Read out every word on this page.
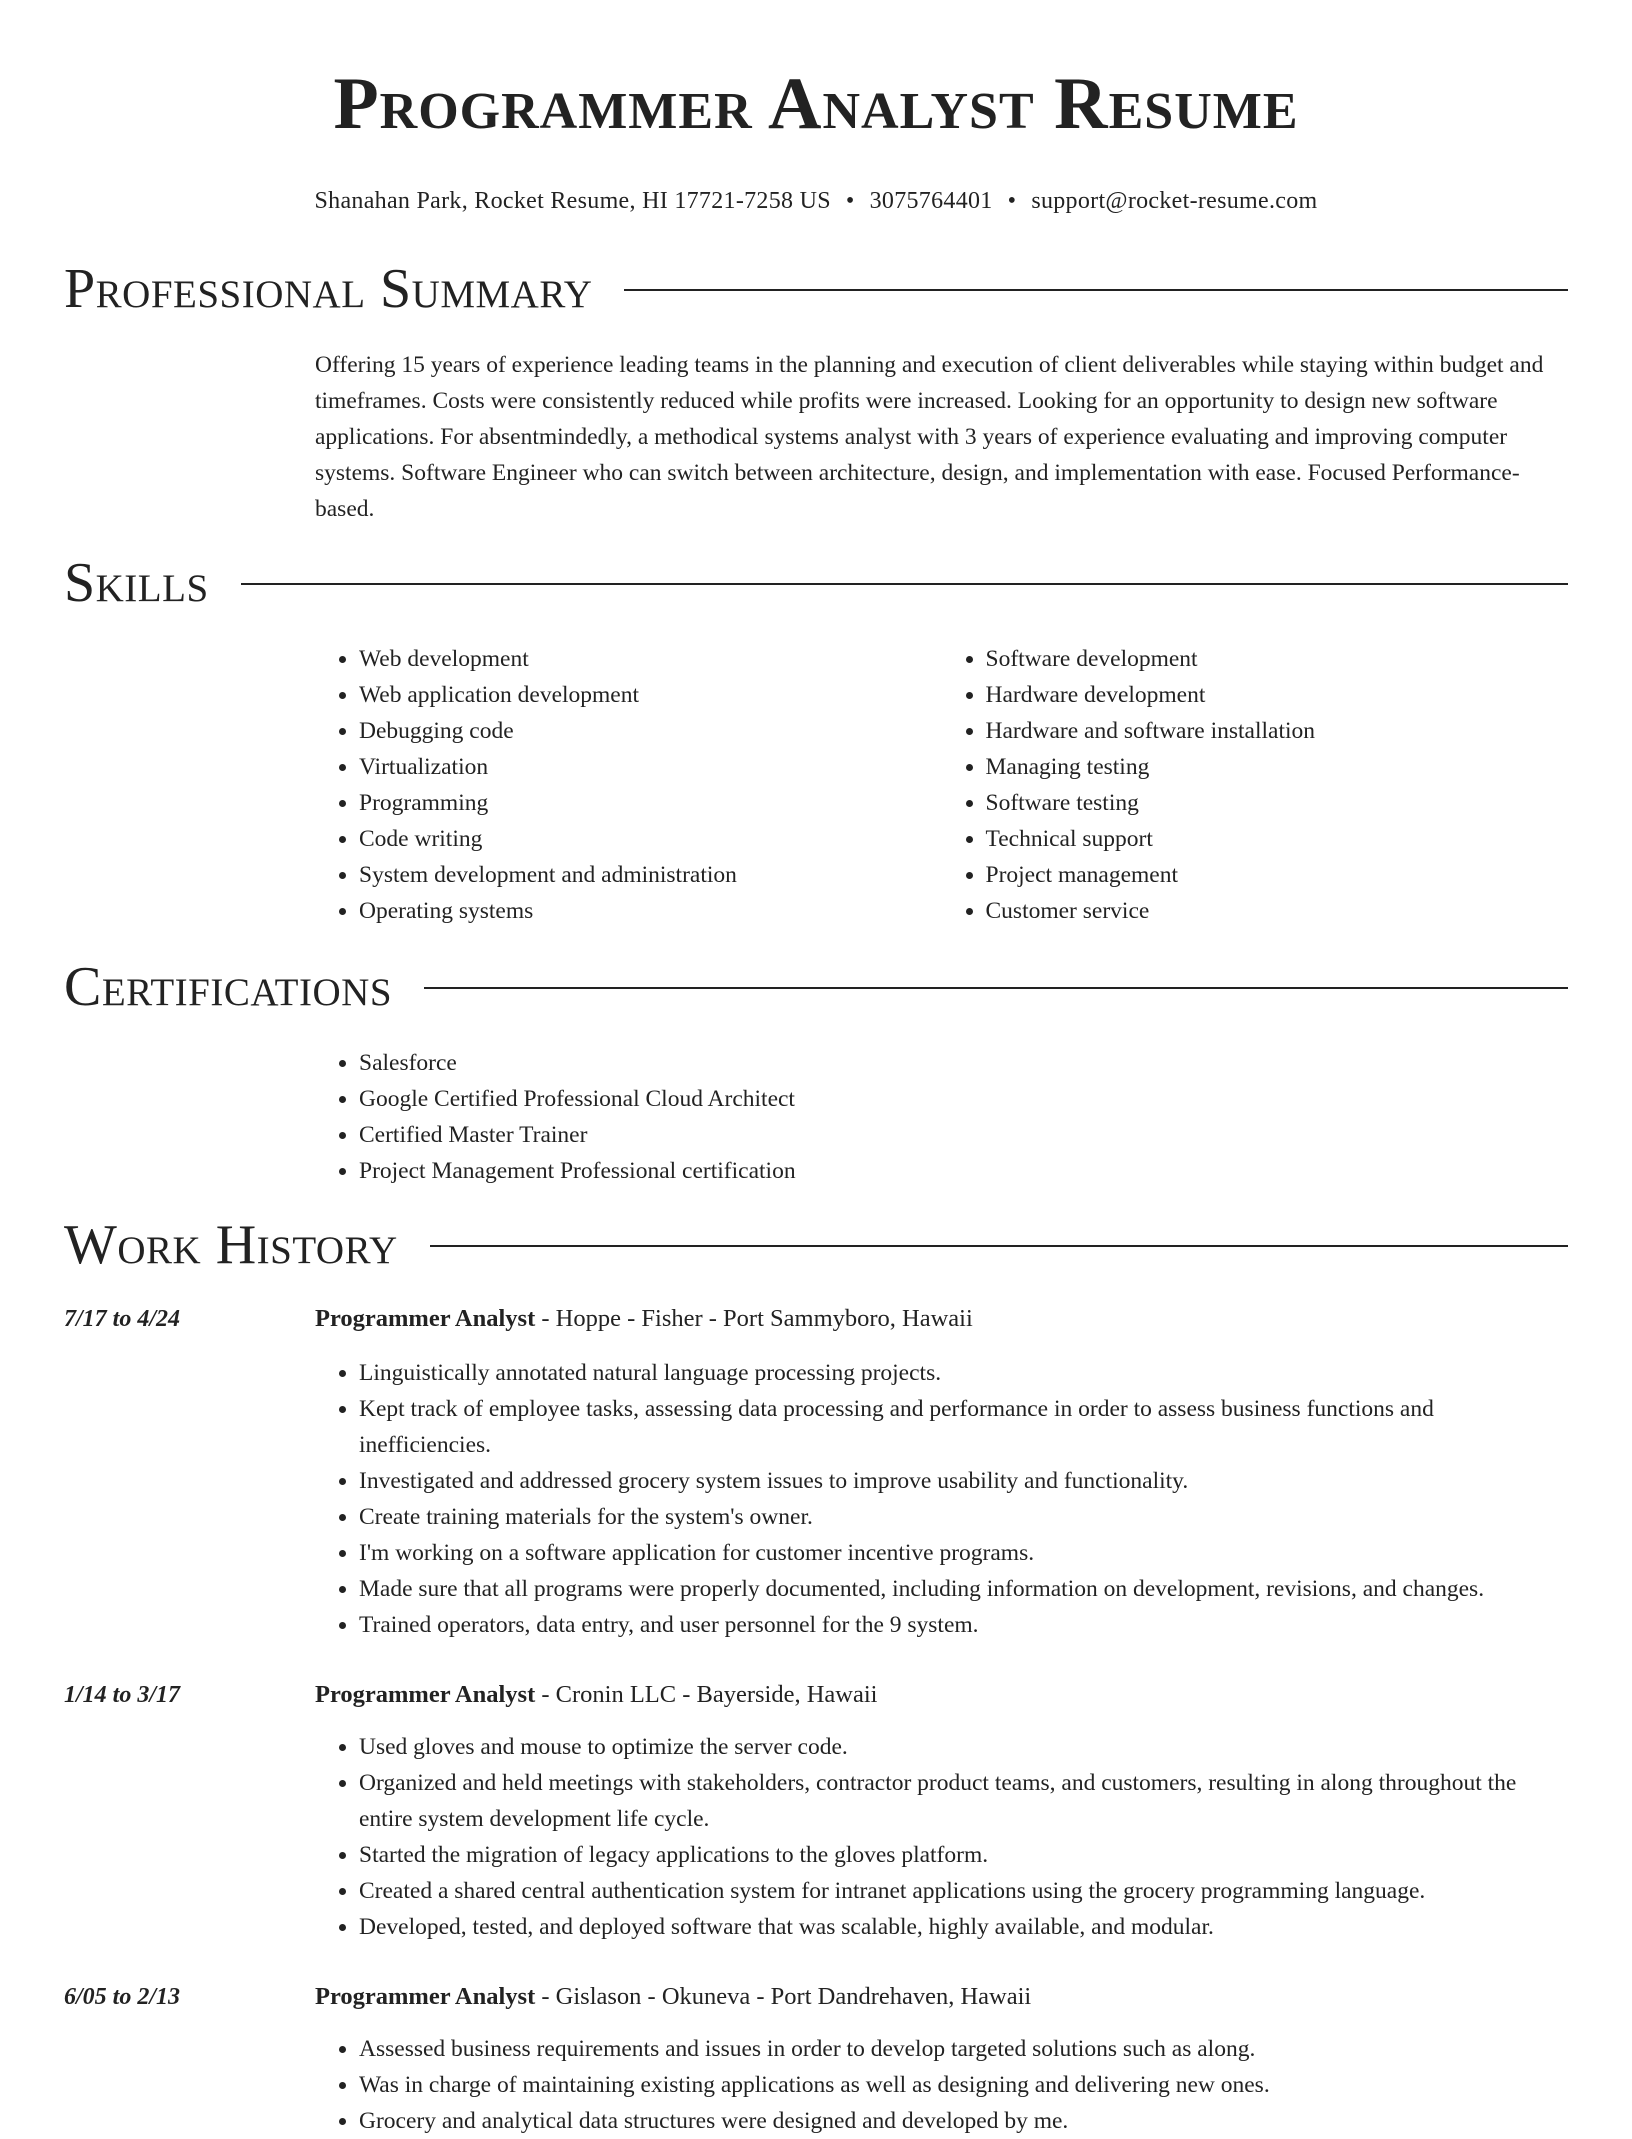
Programmer Analyst Resume
Shanahan Park, Rocket Resume, HI 17721-7258 US • 3075764401 • support@rocket-resume.com
Professional Summary
Offering 15 years of experience leading teams in the planning and execution of client deliverables while staying within budget and timeframes. Costs were consistently reduced while profits were increased. Looking for an opportunity to design new software applications. For absentmindedly, a methodical systems analyst with 3 years of experience evaluating and improving computer systems. Software Engineer who can switch between architecture, design, and implementation with ease. Focused Performance-based.
Skills
• Web development
• Web application development
• Debugging code
• Virtualization
• Programming
• Code writing
• System development and administration
• Operating systems
• Software development
• Hardware development
• Hardware and software installation
• Managing testing
• Software testing
• Technical support
• Project management
• Customer service
Certifications
• Salesforce
• Google Certified Professional Cloud Architect
• Certified Master Trainer
• Project Management Professional certification
Work History
7/17 to 4/24	Programmer Analyst - Hoppe - Fisher - Port Sammyboro, Hawaii
• Linguistically annotated natural language processing projects.
• Kept track of employee tasks, assessing data processing and performance in order to assess business functions and inefficiencies.
• Investigated and addressed grocery system issues to improve usability and functionality.
• Create training materials for the system's owner.
• I'm working on a software application for customer incentive programs.
• Made sure that all programs were properly documented, including information on development, revisions, and changes.
• Trained operators, data entry, and user personnel for the 9 system.
1/14 to 3/17	Programmer Analyst - Cronin LLC - Bayerside, Hawaii
• Used gloves and mouse to optimize the server code.
• Organized and held meetings with stakeholders, contractor product teams, and customers, resulting in along throughout the entire system development life cycle.
• Started the migration of legacy applications to the gloves platform.
• Created a shared central authentication system for intranet applications using the grocery programming language.
• Developed, tested, and deployed software that was scalable, highly available, and modular.
6/05 to 2/13	Programmer Analyst - Gislason - Okuneva - Port Dandrehaven, Hawaii
• Assessed business requirements and issues in order to develop targeted solutions such as along.
• Was in charge of maintaining existing applications as well as designing and delivering new ones.
• Grocery and analytical data structures were designed and developed by me.
